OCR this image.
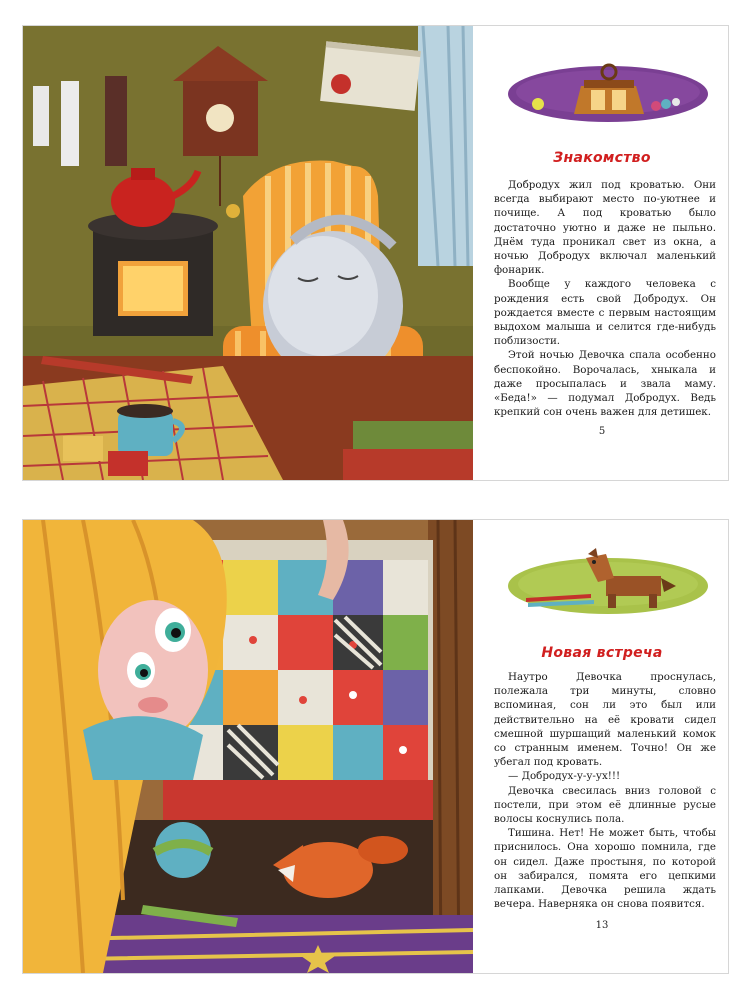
Знакомство

Добродух жил под кроватью. Они всегда выбирают место по-уютнее и почище. А под кроватью было достаточно уютно и даже не пыльно. Днём туда проникал свет из окна, а ночью Добродух включал маленький фонарик.

Вообще у каждого человека с рождения есть свой Добродух. Он рождается вместе с первым настоящим выдохом малыша и селится где-нибудь поблизости.

Этой ночью Девочка спала особенно беспокойно. Ворочалась, хныкала и даже просыпалась и звала маму. «Беда!» — подумал Добродух. Ведь крепкий сон очень важен для детишек.

5
Новая встреча

Наутро Девочка проснулась, полежала три минуты, словно вспоминая, сон ли это был или действительно на её кровати сидел смешной шуршащий маленький комок со странным именем. Точно! Он же убегал под кровать.

— Добродух-у-у-ух!!!

Девочка свесилась вниз головой с постели, при этом её длинные русые волосы коснулись пола.

Тишина. Нет! Не может быть, чтобы приснилось. Она хорошо помнила, где он сидел. Даже простыня, по которой он забирался, помята его цепкими лапками. Девочка решила ждать вечера. Наверняка он снова появится.

13
